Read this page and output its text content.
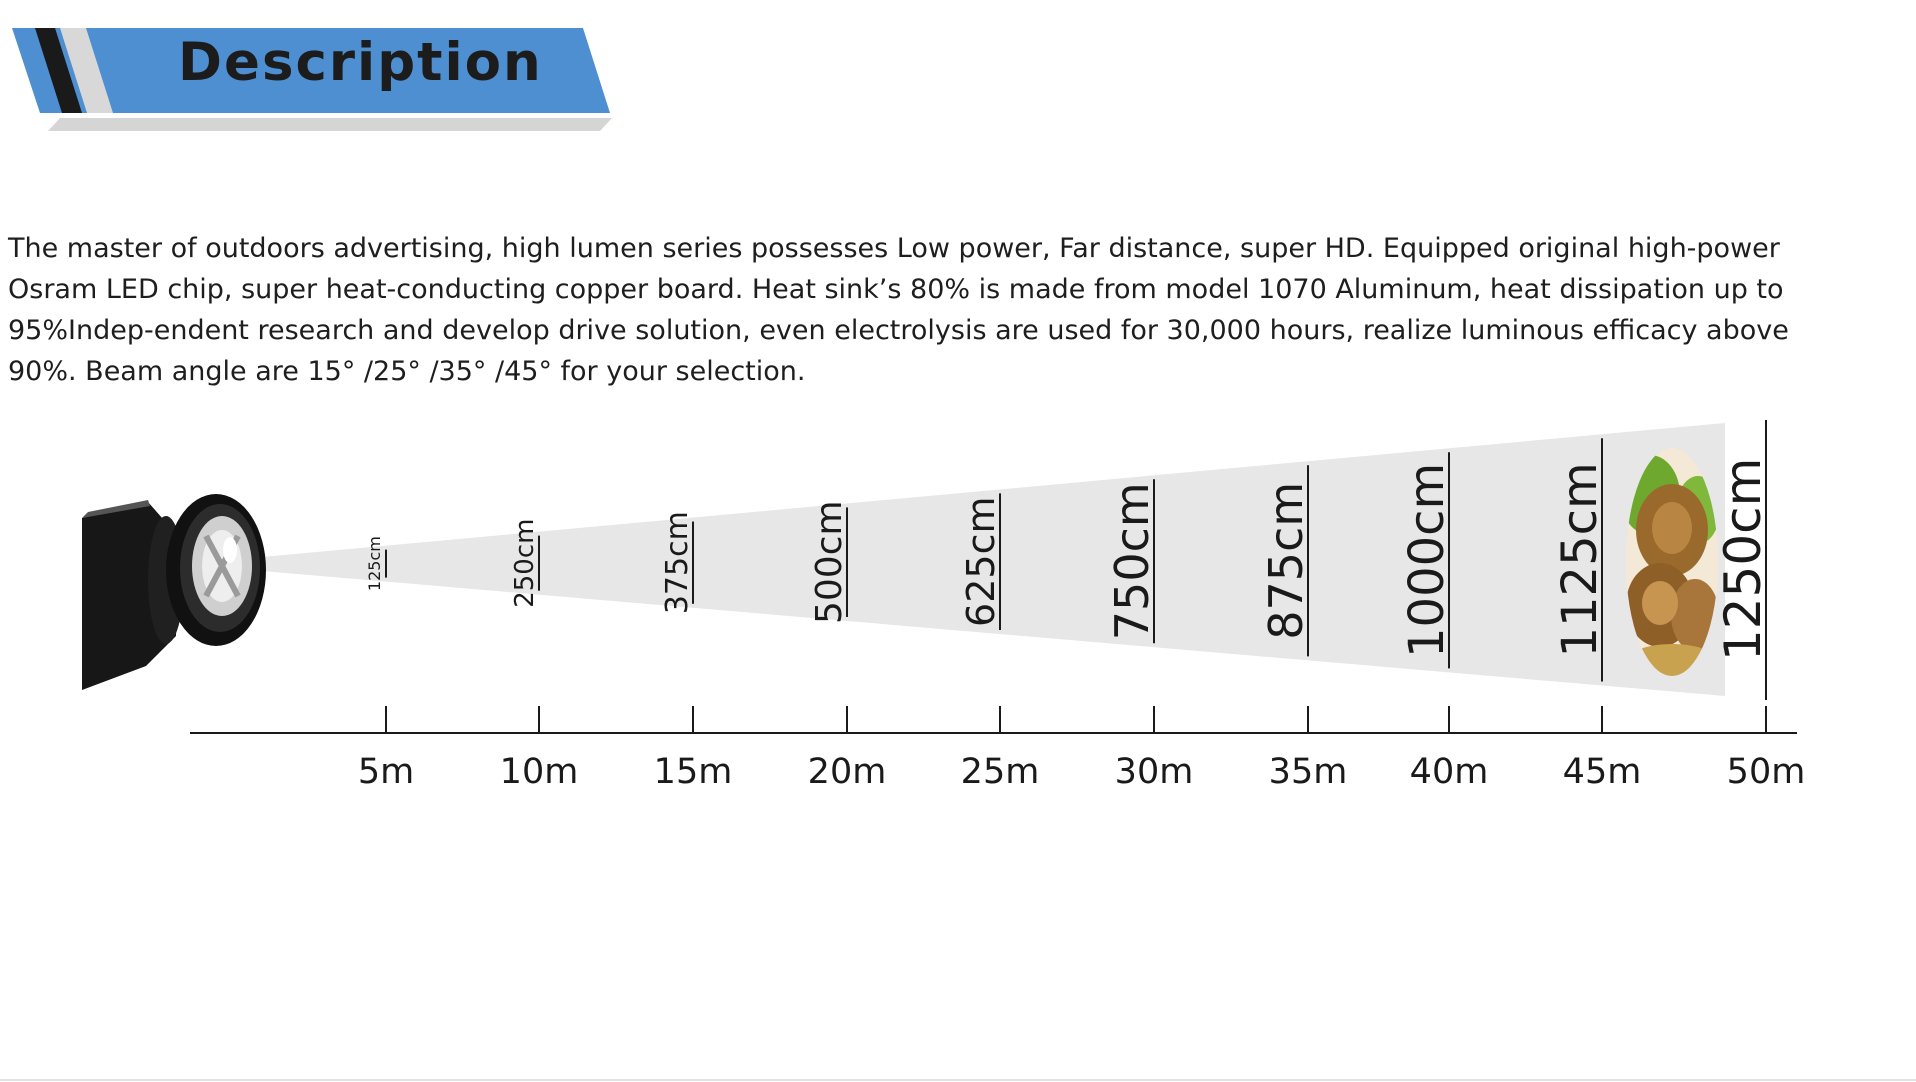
Description

The master of outdoors advertising, high lumen series possesses Low power, Far distance, super HD. Equipped original high-power
Osram LED chip, super heat-conducting copper board. Heat sink’s 80% is made from model 1070 Aluminum, heat dissipation up to
95%Indep-endent research and develop drive solution, even electrolysis are used for 30,000 hours, realize luminous efficacy above
90%. Beam angle are 15° /25° /35° /45° for your selection.

5m
125cm
10m
250cm
15m
375cm
20m
500cm
25m
625cm
30m
750cm
35m
875cm
40m
1000cm
45m
1125cm
50m
1250cm
